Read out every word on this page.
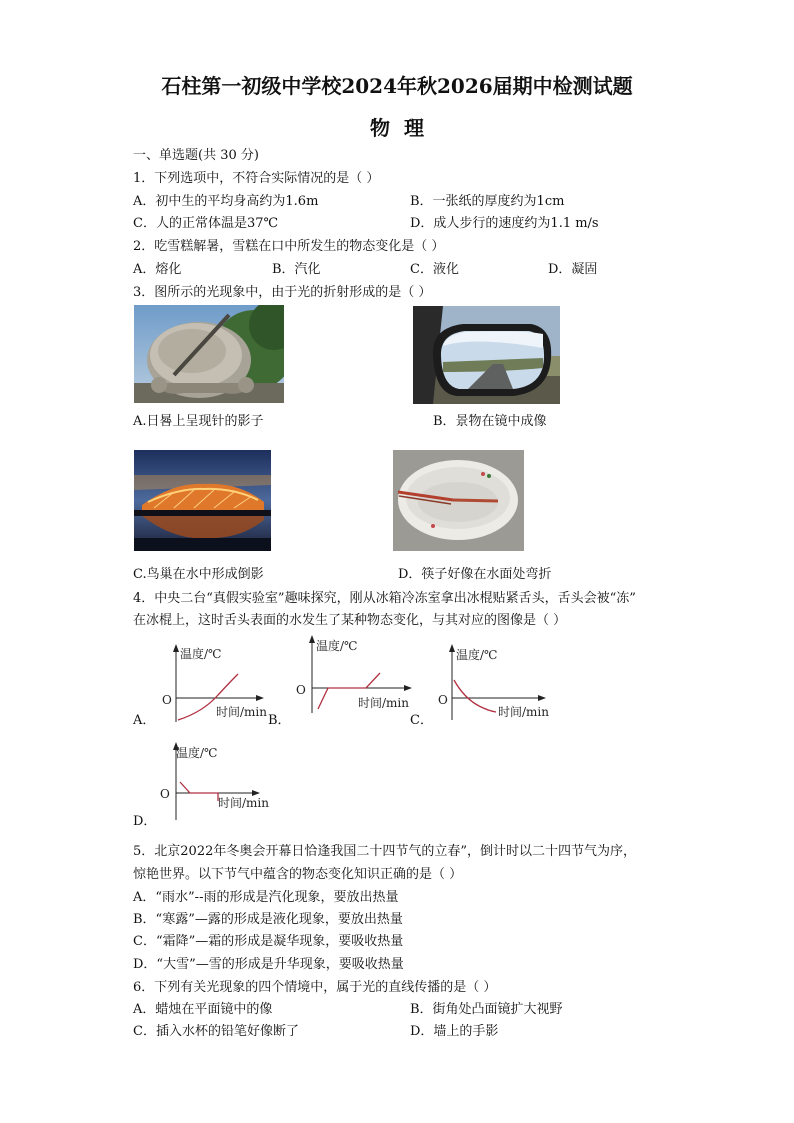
石柱第一初级中学校2024年秋2026届期中检测试题
物  理
一、单选题(共 30 分)
1．下列选项中，不符合实际情况的是（ ）
A．初中生的平均身高约为1.6m	B．一张纸的厚度约为1cm
C．人的正常体温是37℃	D．成人步行的速度约为1.1 m/s
2．吃雪糕解暑，雪糕在口中所发生的物态变化是（ ）
A．熔化	B．汽化	C．液化	D．凝固
3．图所示的光现象中，由于光的折射形成的是（ ）
A.日晷上呈现针的影子	B．景物在镜中成像
C.鸟巢在水中形成倒影	D．筷子好像在水面处弯折
4．中央二台“真假实验室”趣味探究，刚从冰箱冷冻室拿出冰棍贴紧舌头，舌头会被“冻”
在冰棍上，这时舌头表面的水发生了某种物态变化，与其对应的图像是（ ）
A．
温度/℃
O
时间/min
B．
温度/℃
O
时间/min
C．
温度/℃
O
时间/min
D．
温度/℃
O
时间/min
5．北京2022年冬奥会开幕日恰逢我国二十四节气的立春”，倒计时以二十四节气为序，
惊艳世界。以下节气中蕴含的物态变化知识正确的是（ ）
A．“雨水”--雨的形成是汽化现象，要放出热量
B．“寒露”—露的形成是液化现象，要放出热量
C．“霜降”—霜的形成是凝华现象，要吸收热量
D．“大雪”—雪的形成是升华现象，要吸收热量
6．下列有关光现象的四个情境中，属于光的直线传播的是（ ）
A．蜡烛在平面镜中的像	B．街角处凸面镜扩大视野
C．插入水杯的铅笔好像断了	D．墙上的手影
